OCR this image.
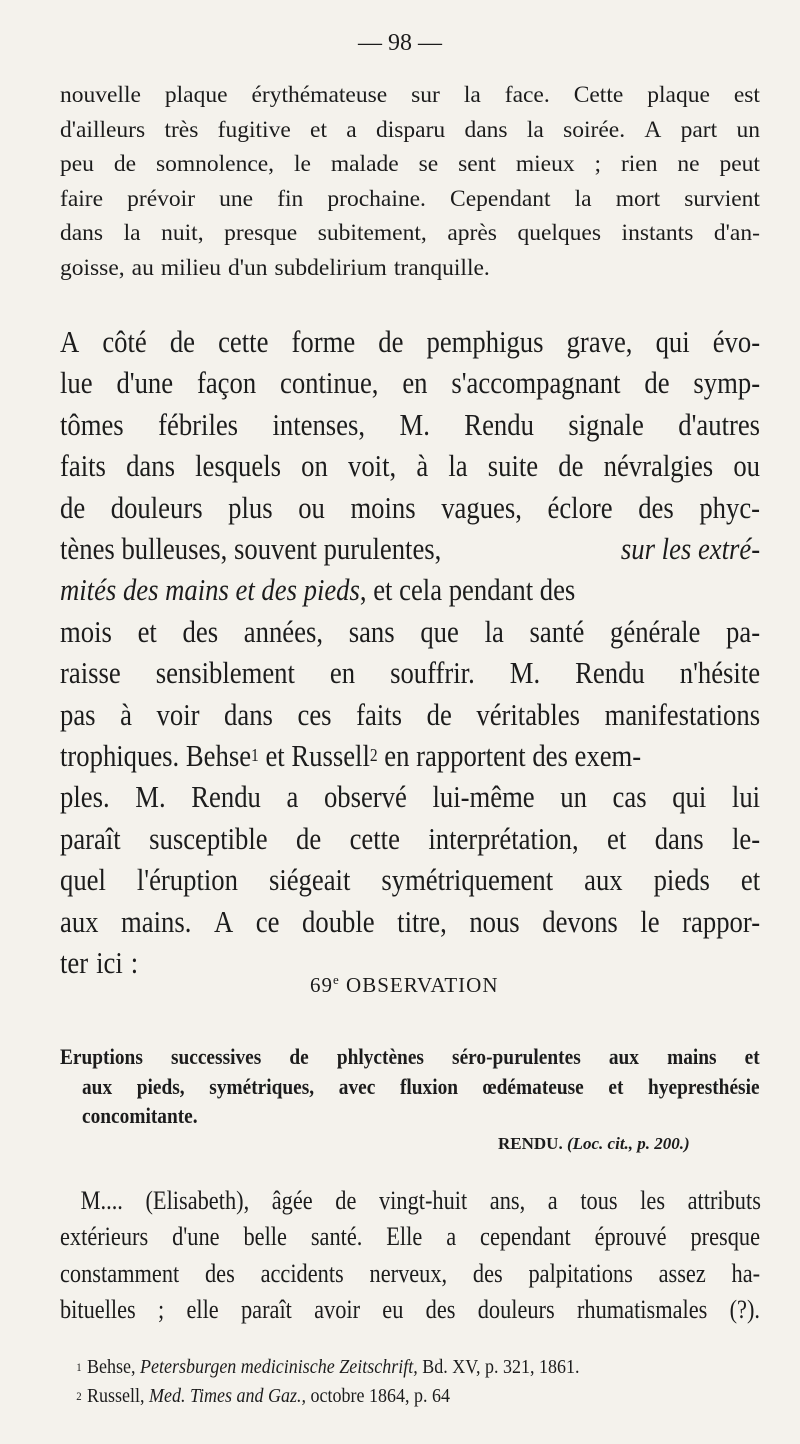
— 98 —

nouvelle plaque érythémateuse sur la face. Cette plaque est

d'ailleurs très fugitive et a disparu dans la soirée. A part un

peu de somnolence, le malade se sent mieux ; rien ne peut

faire prévoir une fin prochaine. Cependant la mort survient

dans la nuit, presque subitement, après quelques instants d'an-

goisse, au milieu d'un subdelirium tranquille.

A côté de cette forme de pemphigus grave, qui évo-

lue d'une façon continue, en s'accompagnant de symp-

tômes fébriles intenses, M. Rendu signale d'autres

faits dans lesquels on voit, à la suite de névralgies ou

de douleurs plus ou moins vagues, éclore des phyc-

tènes bulleuses, souvent purulentes,	sur les extré-

mités des mains et des pieds , et cela pendant des

mois et des années, sans que la santé générale pa-

raisse sensiblement en souffrir. M. Rendu n'hésite

pas à voir dans ces faits de véritables manifestations

trophiques. Behse 1 et Russell 2 en rapportent des exem-

ples. M. Rendu a observé lui-même un cas qui lui

paraît susceptible de cette interprétation, et dans le-

quel l'éruption siégeait symétriquement aux pieds et

aux mains. A ce double titre, nous devons le rappor-

ter ici :

69e OBSERVATION

Eruptions successives de phlyctènes séro-purulentes aux mains et

aux pieds, symétriques, avec fluxion œdémateuse et hyepresthésie

concomitante.

RENDU. (Loc. cit., p. 200.)

M.... (Elisabeth), âgée de vingt-huit ans, a tous les attributs

extérieurs d'une belle santé. Elle a cependant éprouvé presque

constamment des accidents nerveux, des palpitations assez ha-

bituelles ; elle paraît avoir eu des douleurs rhumatismales (?).

1 Behse,
Petersburgen medicinische Zeitschrift,
Bd. XV, p. 321, 1861.

2 Russell,
Med. Times and Gaz.,
octobre 1864, p. 64
